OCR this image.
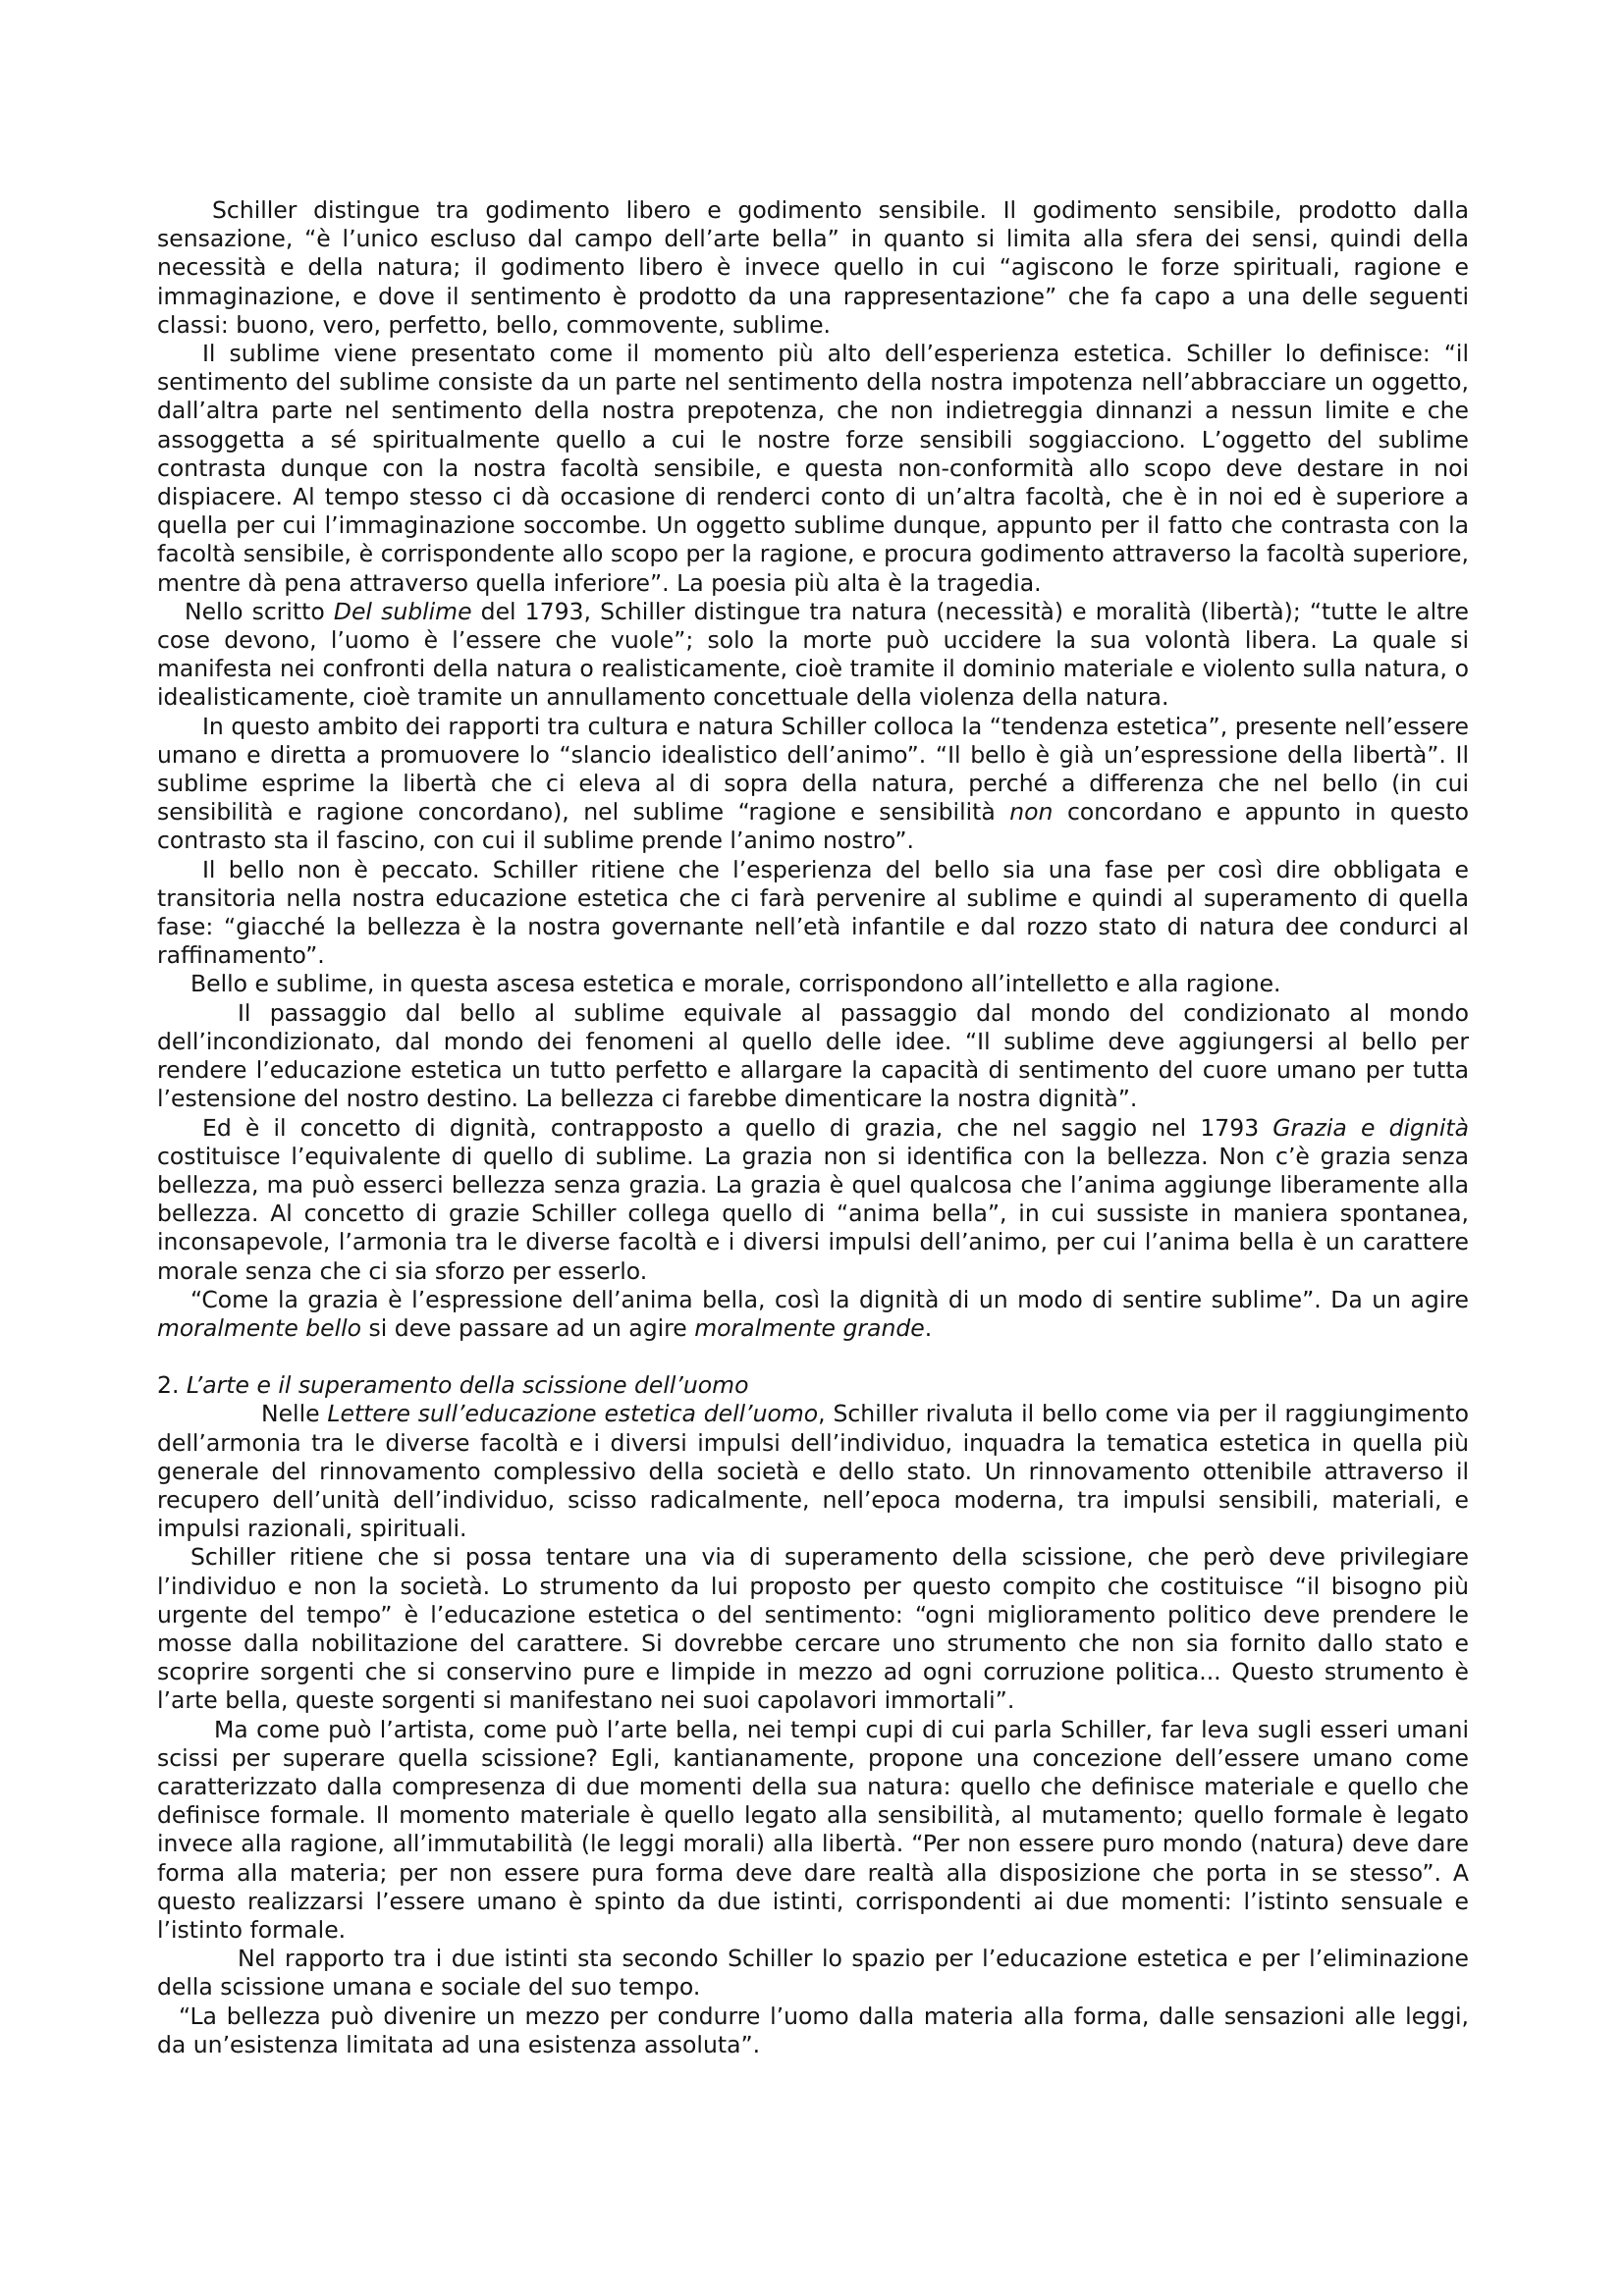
Schiller distingue tra godimento libero e godimento sensibile. Il godimento sensibile, prodotto dalla sensazione, “è l’unico escluso dal campo dell’arte bella” in quanto si limita alla sfera dei sensi, quindi della necessità e della natura; il godimento libero è invece quello in cui “agiscono le forze spirituali, ragione e immaginazione, e dove il sentimento è prodotto da una rappresentazione” che fa capo a una delle seguenti classi: buono, vero, perfetto, bello, commovente, sublime.

Il sublime viene presentato come il momento più alto dell’esperienza estetica. Schiller lo definisce: “il sentimento del sublime consiste da un parte nel sentimento della nostra impotenza nell’abbracciare un oggetto, dall’altra parte nel sentimento della nostra prepotenza, che non indietreggia dinnanzi a nessun limite e che assoggetta a sé spiritualmente quello a cui le nostre forze sensibili soggiacciono. L’oggetto del sublime contrasta dunque con la nostra facoltà sensibile, e questa non-conformità allo scopo deve destare in noi dispiacere. Al tempo stesso ci dà occasione di renderci conto di un’altra facoltà, che è in noi ed è superiore a quella per cui l’immaginazione soccombe. Un oggetto sublime dunque, appunto per il fatto che contrasta con la facoltà sensibile, è corrispondente allo scopo per la ragione, e procura godimento attraverso la facoltà superiore, mentre dà pena attraverso quella inferiore”. La poesia più alta è la tragedia.

Nello scritto Del sublime del 1793, Schiller distingue tra natura (necessità) e moralità (libertà); “tutte le altre cose devono, l’uomo è l’essere che vuole”; solo la morte può uccidere la sua volontà libera. La quale si manifesta nei confronti della natura o realisticamente, cioè tramite il dominio materiale e violento sulla natura, o idealisticamente, cioè tramite un annullamento concettuale della violenza della natura.

In questo ambito dei rapporti tra cultura e natura Schiller colloca la “tendenza estetica”, presente nell’essere umano e diretta a promuovere lo “slancio idealistico dell’animo”. “Il bello è già un’espressione della libertà”. Il sublime esprime la libertà che ci eleva al di sopra della natura, perché a differenza che nel bello (in cui sensibilità e ragione concordano), nel sublime “ragione e sensibilità non concordano e appunto in questo contrasto sta il fascino, con cui il sublime prende l’animo nostro”.

Il bello non è peccato. Schiller ritiene che l’esperienza del bello sia una fase per così dire obbligata e transitoria nella nostra educazione estetica che ci farà pervenire al sublime e quindi al superamento di quella fase: “giacché la bellezza è la nostra governante nell’età infantile e dal rozzo stato di natura dee condurci al raffinamento”.

Bello e sublime, in questa ascesa estetica e morale, corrispondono all’intelletto e alla ragione.

Il passaggio dal bello al sublime equivale al passaggio dal mondo del condizionato al mondo dell’incondizionato, dal mondo dei fenomeni al quello delle idee. “Il sublime deve aggiungersi al bello per rendere l’educazione estetica un tutto perfetto e allargare la capacità di sentimento del cuore umano per tutta l’estensione del nostro destino. La bellezza ci farebbe dimenticare la nostra dignità”.

Ed è il concetto di dignità, contrapposto a quello di grazia, che nel saggio nel 1793 Grazia e dignità costituisce l’equivalente di quello di sublime. La grazia non si identifica con la bellezza. Non c’è grazia senza bellezza, ma può esserci bellezza senza grazia. La grazia è quel qualcosa che l’anima aggiunge liberamente alla bellezza. Al concetto di grazie Schiller collega quello di “anima bella”, in cui sussiste in maniera spontanea, inconsapevole, l’armonia tra le diverse facoltà e i diversi impulsi dell’animo, per cui l’anima bella è un carattere morale senza che ci sia sforzo per esserlo.

“Come la grazia è l’espressione dell’anima bella, così la dignità di un modo di sentire sublime”. Da un agire moralmente bello si deve passare ad un agire moralmente grande.

2. L’arte e il superamento della scissione dell’uomo

Nelle Lettere sull’educazione estetica dell’uomo, Schiller rivaluta il bello come via per il raggiungimento dell’armonia tra le diverse facoltà e i diversi impulsi dell’individuo, inquadra la tematica estetica in quella più generale del rinnovamento complessivo della società e dello stato. Un rinnovamento ottenibile attraverso il recupero dell’unità dell’individuo, scisso radicalmente, nell’epoca moderna, tra impulsi sensibili, materiali, e impulsi razionali, spirituali.

Schiller ritiene che si possa tentare una via di superamento della scissione, che però deve privilegiare l’individuo e non la società. Lo strumento da lui proposto per questo compito che costituisce “il bisogno più urgente del tempo” è l’educazione estetica o del sentimento: “ogni miglioramento politico deve prendere le mosse dalla nobilitazione del carattere. Si dovrebbe cercare uno strumento che non sia fornito dallo stato e scoprire sorgenti che si conservino pure e limpide in mezzo ad ogni corruzione politica... Questo strumento è l’arte bella, queste sorgenti si manifestano nei suoi capolavori immortali”.

Ma come può l’artista, come può l’arte bella, nei tempi cupi di cui parla Schiller, far leva sugli esseri umani scissi per superare quella scissione? Egli, kantianamente, propone una concezione dell’essere umano come caratterizzato dalla compresenza di due momenti della sua natura: quello che definisce materiale e quello che definisce formale. Il momento materiale è quello legato alla sensibilità, al mutamento; quello formale è legato invece alla ragione, all’immutabilità (le leggi morali) alla libertà. “Per non essere puro mondo (natura) deve dare forma alla materia; per non essere pura forma deve dare realtà alla disposizione che porta in se stesso”. A questo realizzarsi l’essere umano è spinto da due istinti, corrispondenti ai due momenti: l’istinto sensuale e l’istinto formale.

Nel rapporto tra i due istinti sta secondo Schiller lo spazio per l’educazione estetica e per l’eliminazione della scissione umana e sociale del suo tempo.

“La bellezza può divenire un mezzo per condurre l’uomo dalla materia alla forma, dalle sensazioni alle leggi, da un’esistenza limitata ad una esistenza assoluta”.
